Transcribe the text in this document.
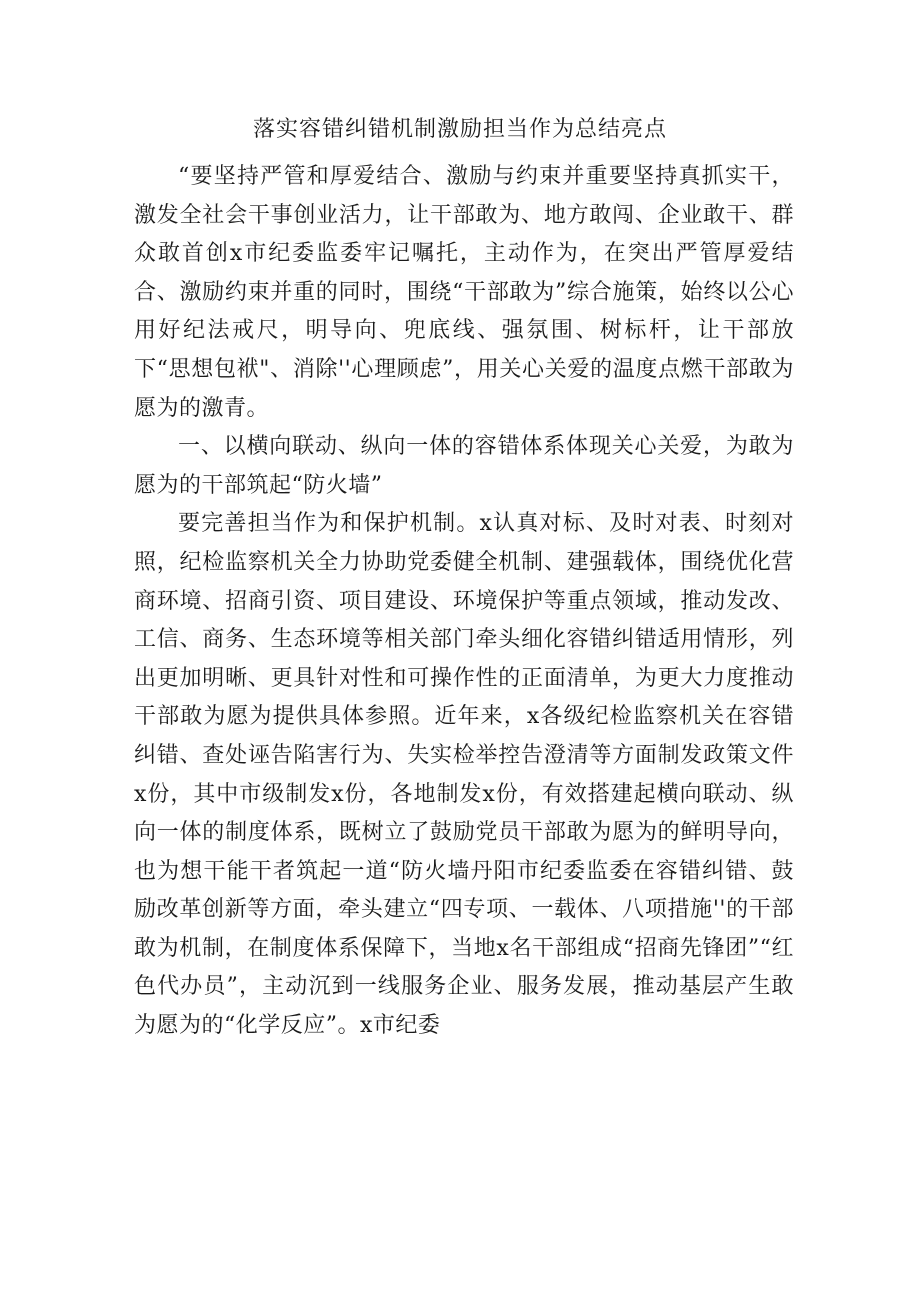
落实容错纠错机制激励担当作为总结亮点

“要坚持严管和厚爱结合、激励与约束并重要坚持真抓实干，激发全社会干事创业活力，让干部敢为、地方敢闯、企业敢干、群众敢首创x市纪委监委牢记嘱托，主动作为，在突出严管厚爱结合、激励约束并重的同时，围绕“干部敢为”综合施策，始终以公心用好纪法戒尺，明导向、兜底线、强氛围、树标杆，让干部放下“思想包袱"、消除''心理顾虑”，用关心关爱的温度点燃干部敢为愿为的激青。

一、以横向联动、纵向一体的容错体系体现关心关爱，为敢为愿为的干部筑起“防火墙”

要完善担当作为和保护机制。x认真对标、及时对表、时刻对照，纪检监察机关全力协助党委健全机制、建强载体，围绕优化营商环境、招商引资、项目建设、环境保护等重点领域，推动发改、工信、商务、生态环境等相关部门牵头细化容错纠错适用情形，列出更加明晰、更具针对性和可操作性的正面清单，为更大力度推动干部敢为愿为提供具体参照。近年来，x各级纪检监察机关在容错纠错、查处诬告陷害行为、失实检举控告澄清等方面制发政策文件x份，其中市级制发x份，各地制发x份，有效搭建起横向联动、纵向一体的制度体系，既树立了鼓励党员干部敢为愿为的鲜明导向，也为想干能干者筑起一道“防火墙丹阳市纪委监委在容错纠错、鼓励改革创新等方面，牵头建立“四专项、一载体、八项措施''的干部敢为机制，在制度体系保障下，当地x名干部组成“招商先锋团”“红色代办员”，主动沉到一线服务企业、服务发展，推动基层产生敢为愿为的“化学反应”。x市纪委
